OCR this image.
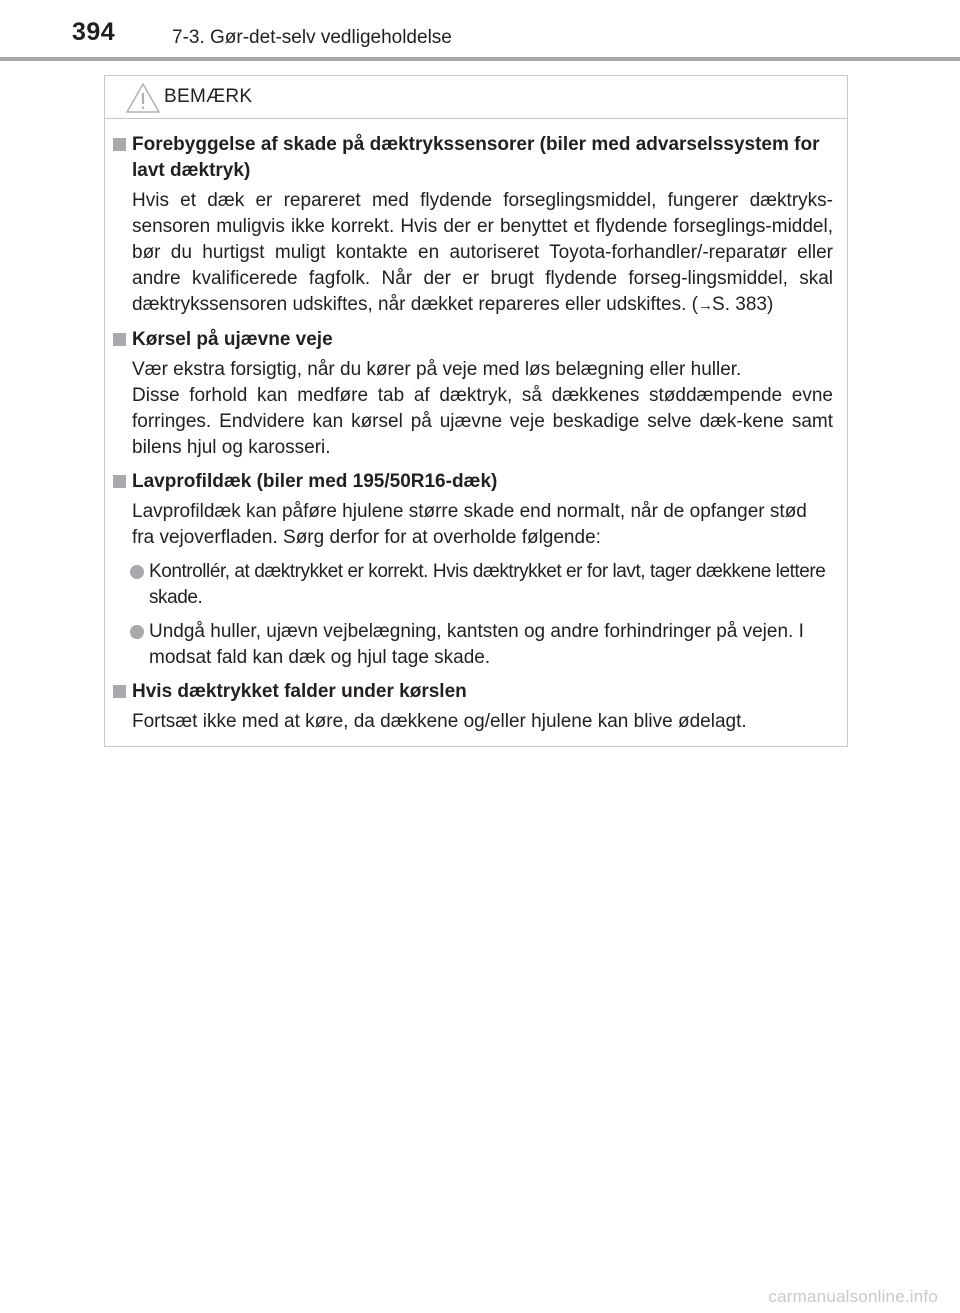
394	7-3. Gør-det-selv vedligeholdelse
BEMÆRK
Forebyggelse af skade på dæktrykssensorer (biler med advarselssystem for lavt dæktryk)
Hvis et dæk er repareret med flydende forseglingsmiddel, fungerer dæktryks-sensoren muligvis ikke korrekt. Hvis der er benyttet et flydende forseglings-middel, bør du hurtigst muligt kontakte en autoriseret Toyota-forhandler/-reparatør eller andre kvalificerede fagfolk. Når der er brugt flydende forseg-lingsmiddel, skal dæktrykssensoren udskiftes, når dækket repareres eller udskiftes. (→S. 383)
Kørsel på ujævne veje
Vær ekstra forsigtig, når du kører på veje med løs belægning eller huller.
Disse forhold kan medføre tab af dæktryk, så dækkenes støddæmpende evne forringes. Endvidere kan kørsel på ujævne veje beskadige selve dæk-kene samt bilens hjul og karosseri.
Lavprofildæk (biler med 195/50R16-dæk)
Lavprofildæk kan påføre hjulene større skade end normalt, når de opfanger stød fra vejoverfladen. Sørg derfor for at overholde følgende:
Kontrollér, at dæktrykket er korrekt. Hvis dæktrykket er for lavt, tager dækkene lettere skade.
Undgå huller, ujævn vejbelægning, kantsten og andre forhindringer på vejen. I modsat fald kan dæk og hjul tage skade.
Hvis dæktrykket falder under kørslen
Fortsæt ikke med at køre, da dækkene og/eller hjulene kan blive ødelagt.
carmanualsonline.info
